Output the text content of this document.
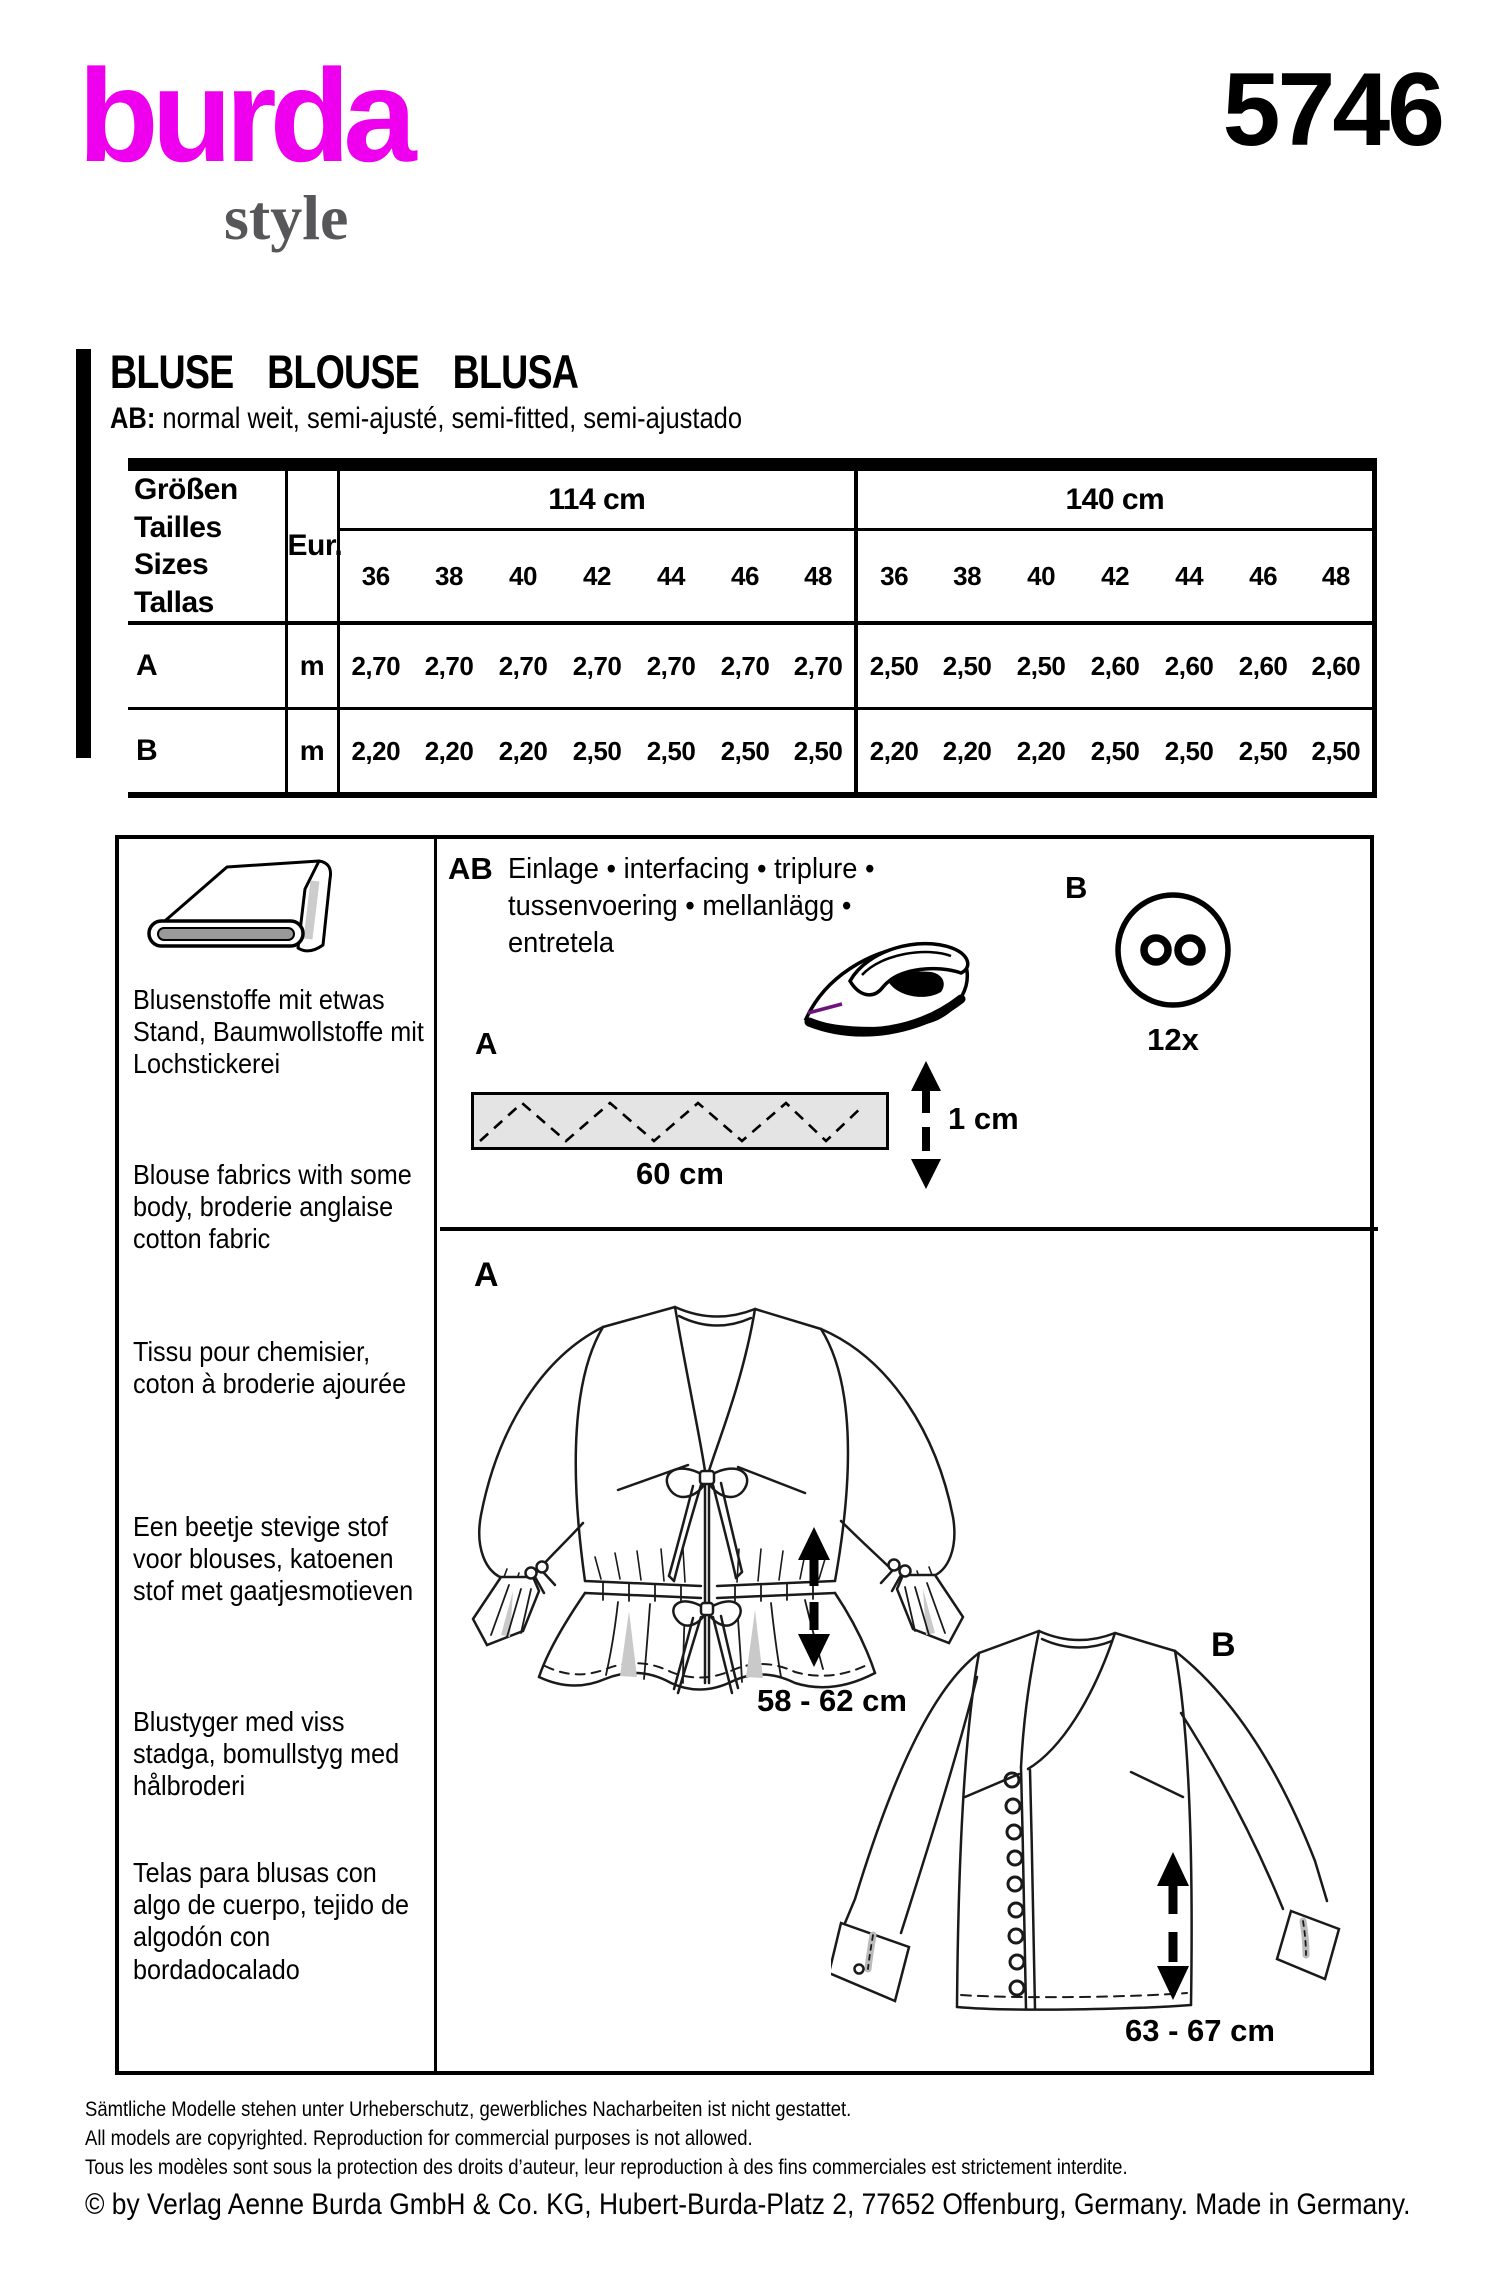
burda
style
5746
BLUSE BLOUSE BLUSA
AB: normal weit, semi-ajusté, semi-fitted, semi-ajustado
Größen Tailles
Sizes Tallas	Eur.	114 cm							140 cm						
		36	38	40	42	44	46	48	36	38	40	42	44	46	48
A	m	2,70	2,70	2,70	2,70	2,70	2,70	2,70	2,50	2,50	2,50	2,60	2,60	2,60	2,60
B	m	2,20	2,20	2,20	2,50	2,50	2,50	2,50	2,20	2,20	2,20	2,50	2,50	2,50	2,50
Blusenstoffe mit etwas Stand, Baumwollstoffe mit Lochstickerei
Blouse fabrics with some body, broderie anglaise cotton fabric
Tissu pour chemisier, coton à broderie ajourée
Een beetje stevige stof voor blouses, katoenen stof met gaatjesmotieven
Blustyger med viss stadga, bomullstyg med hålbroderi
Telas para blusas con algo de cuerpo, tejido de algodón con bordadocalado
AB Einlage • interfacing • triplure •
tussenvoering • mellanlägg •
entretela
B
12x
A
60 cm
1 cm
A
58 - 62 cm
B
63 - 67 cm
Sämtliche Modelle stehen unter Urheberschutz, gewerbliches Nacharbeiten ist nicht gestattet.
All models are copyrighted. Reproduction for commercial purposes is not allowed.
Tous les modèles sont sous la protection des droits d’auteur, leur reproduction à des fins commerciales est strictement interdite.
© by Verlag Aenne Burda GmbH & Co. KG, Hubert-Burda-Platz 2, 77652 Offenburg, Germany. Made in Germany.
